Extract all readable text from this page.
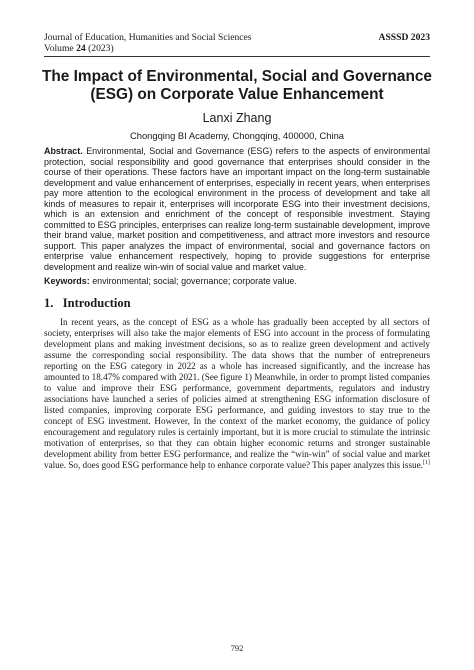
Journal of Education, Humanities and Social Sciences	ASSSD 2023
Volume 24 (2023)
The Impact of Environmental, Social and Governance (ESG) on Corporate Value Enhancement
Lanxi Zhang
Chongqing BI Academy, Chongqing, 400000, China

Abstract. Environmental, Social and Governance (ESG) refers to the aspects of environmental protection, social responsibility and good governance that enterprises should consider in the course of their operations. These factors have an important impact on the long-term sustainable development and value enhancement of enterprises, especially in recent years, when enterprises pay more attention to the ecological environment in the process of development and take all kinds of measures to repair it, enterprises will incorporate ESG into their investment decisions, which is an extension and enrichment of the concept of responsible investment. Staying committed to ESG principles, enterprises can realize long-term sustainable development, improve their brand value, market position and competitiveness, and attract more investors and resource support. This paper analyzes the impact of environmental, social and governance factors on enterprise value enhancement respectively, hoping to provide suggestions for enterprise development and realize win-win of social value and market value.

Keywords: environmental; social; governance; corporate value.

1. Introduction

In recent years, as the concept of ESG as a whole has gradually been accepted by all sectors of society, enterprises will also take the major elements of ESG into account in the process of formulating development plans and making investment decisions, so as to realize green development and actively assume the corresponding social responsibility. The data shows that the number of entrepreneurs reporting on the ESG category in 2022 as a whole has increased significantly, and the increase has amounted to 18.47% compared with 2021. (See figure 1) Meanwhile, in order to prompt listed companies to value and improve their ESG performance, government departments, regulators and industry associations have launched a series of policies aimed at strengthening ESG information disclosure of listed companies, improving corporate ESG performance, and guiding investors to stay true to the concept of ESG investment. However, In the context of the market economy, the guidance of policy encouragement and regulatory rules is certainly important, but it is more crucial to stimulate the intrinsic motivation of enterprises, so that they can obtain higher economic returns and stronger sustainable development ability from better ESG performance, and realize the “win-win” of social value and market value. So, does good ESG performance help to enhance corporate value? This paper analyzes this issue.[1]

792
